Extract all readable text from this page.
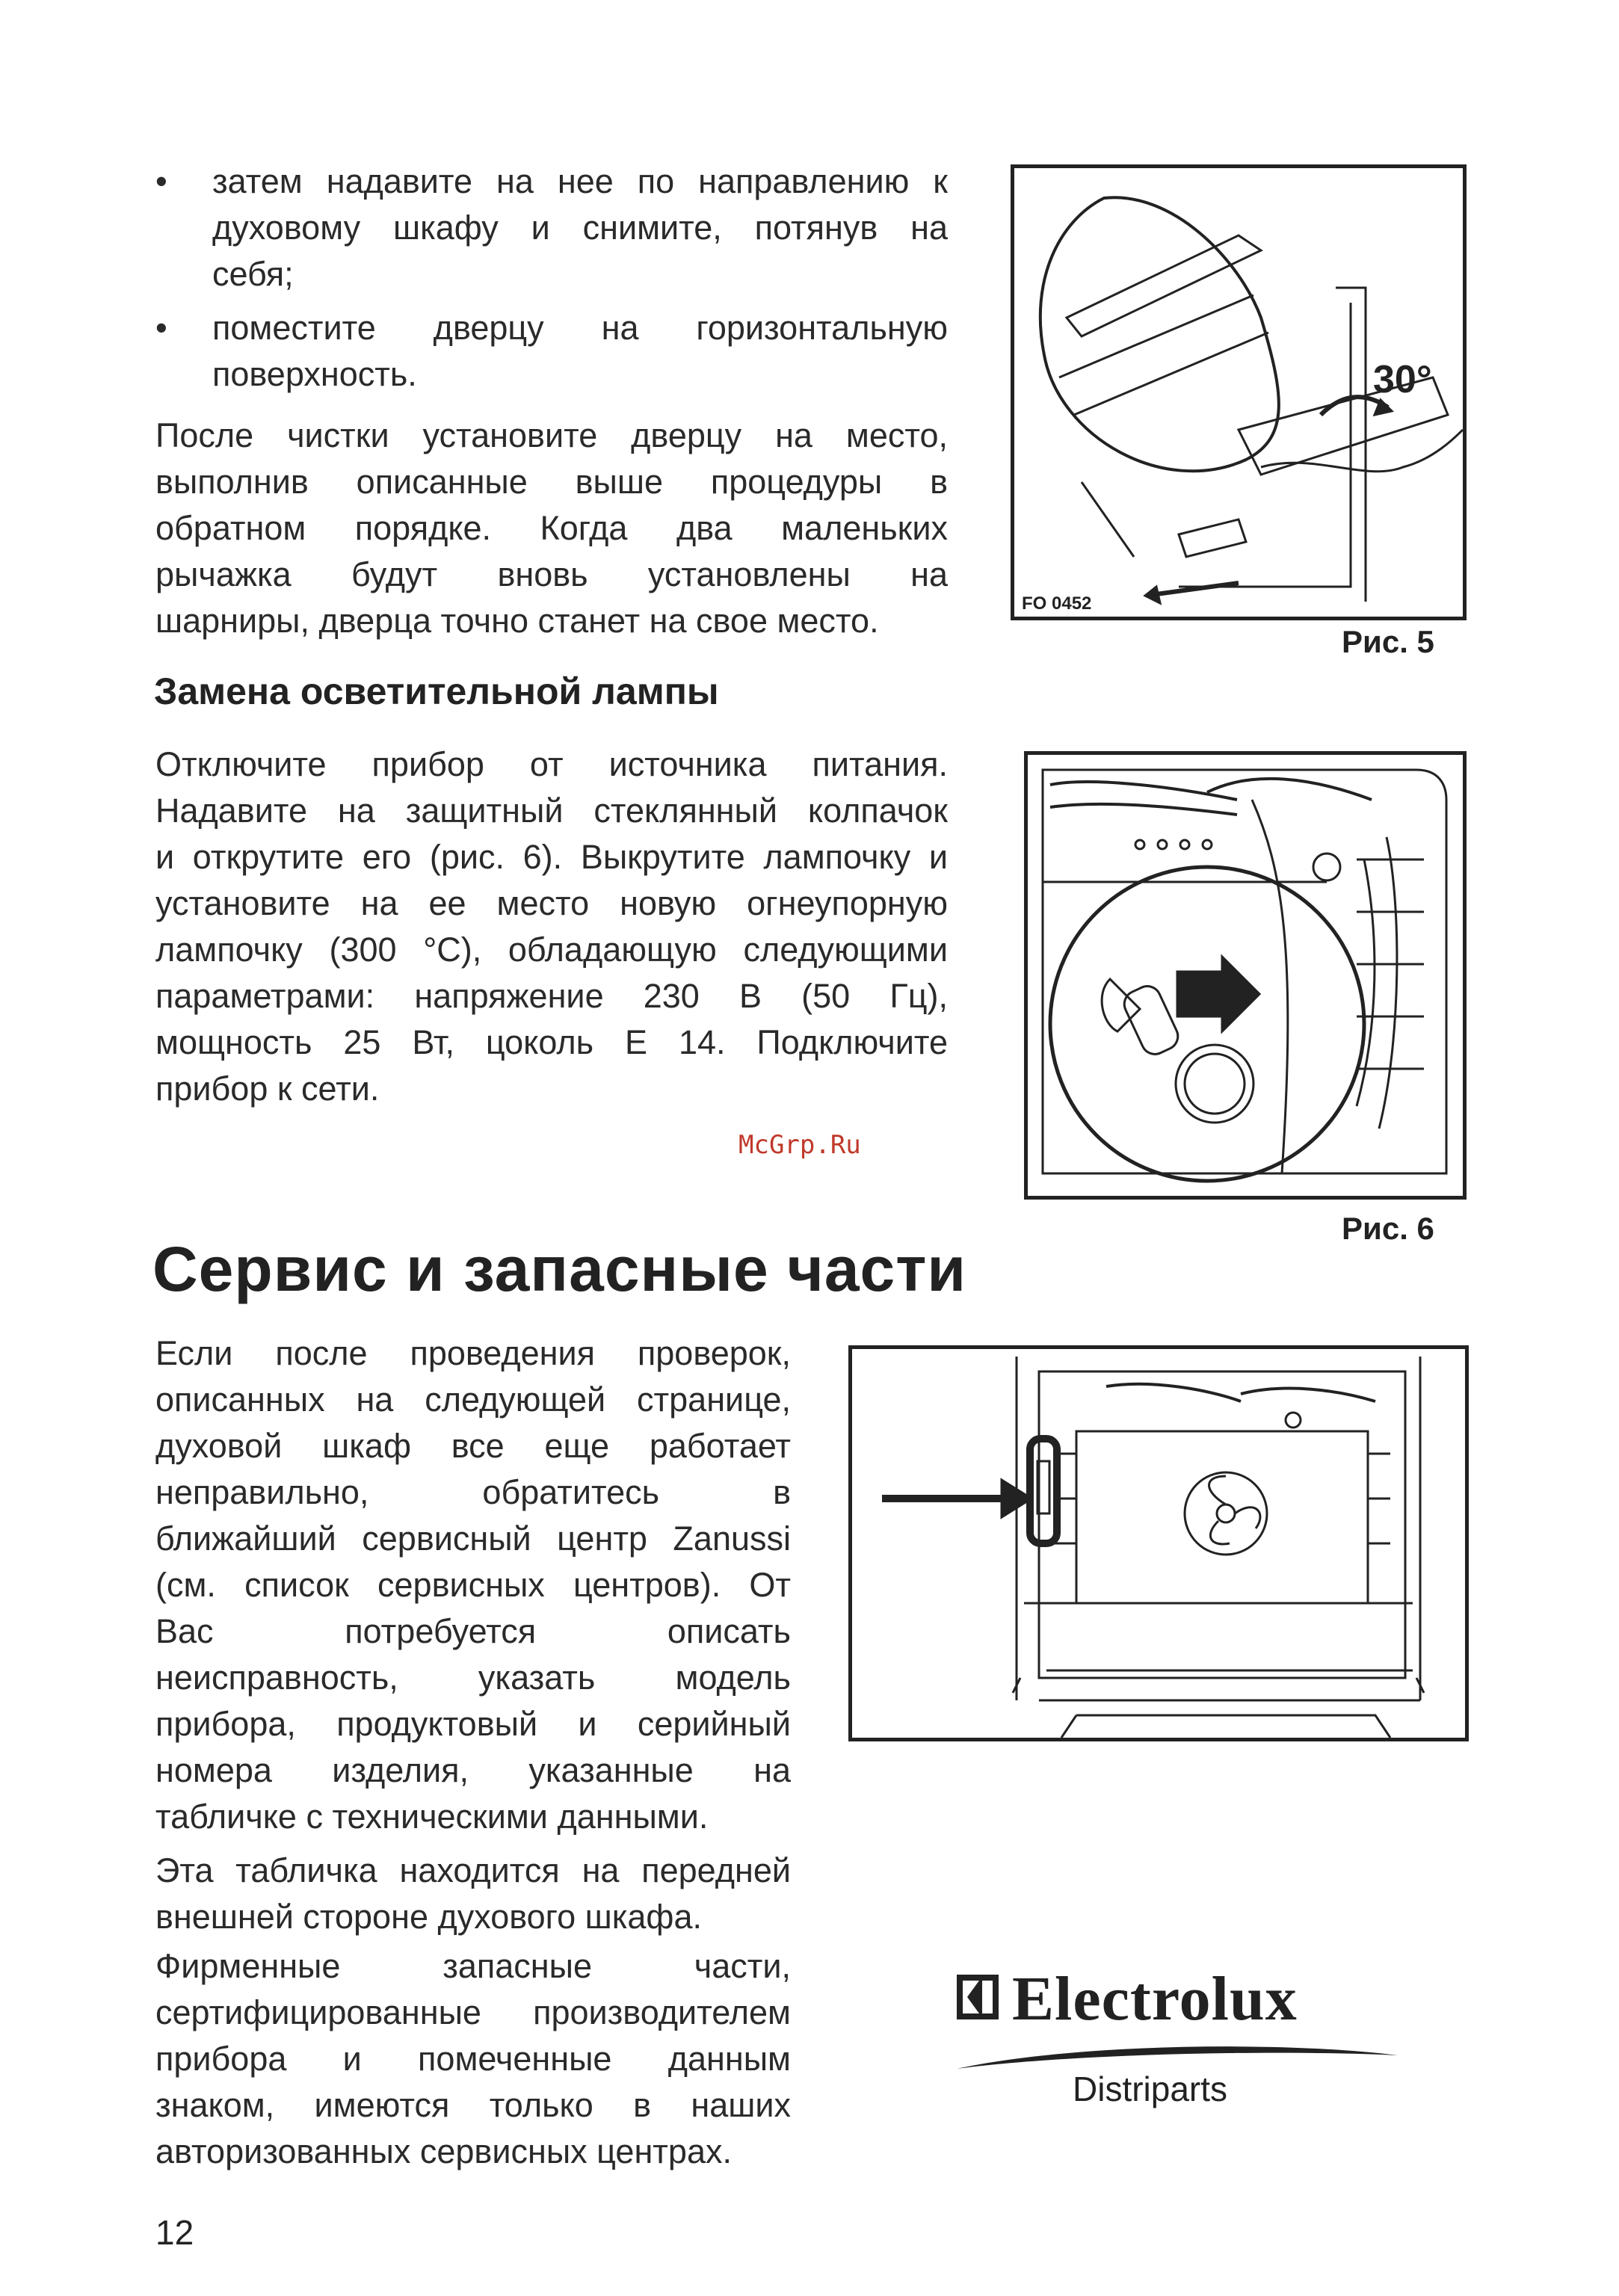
• затем надавите на нее по направлению к
духовому шкафу и снимите, потянув на
себя;
• поместите дверцу на горизонтальную
поверхность.

После чистки установите дверцу на место,
выполнив описанные выше процедуры в
обратном порядке. Когда два маленьких
рычажка будут вновь установлены на
шарниры, дверца точно станет на свое место.

30°
FO 0452
Рис. 5
Замена осветительной лампы

Отключите прибор от источника питания.
Надавите на защитный стеклянный колпачок
и открутите его (рис. 6). Выкрутите лампочку и
установите на ее место новую огнеупорную
лампочку (300 °C), обладающую следующими
параметрами: напряжение 230 В (50 Гц),
мощность 25 Вт, цоколь Е 14. Подключите
прибор к сети.

Рис. 6
McGrp.Ru
Сервис и запасные части

Если после проведения проверок,
описанных на следующей странице,
духовой шкаф все еще работает
неправильно, обратитесь в
ближайший сервисный центр Zanussi
(см. список сервисных центров). От
Вас потребуется описать
неисправность, указать модель
прибора, продуктовый и серийный
номера изделия, указанные на
табличке с техническими данными.

Эта табличка находится на передней
внешней стороне духового шкафа.

Фирменные запасные части,
сертифицированные производителем
прибора и помеченные данным
знаком, имеются только в наших
авторизованных сервисных центрах.

Electrolux
Distriparts
12
